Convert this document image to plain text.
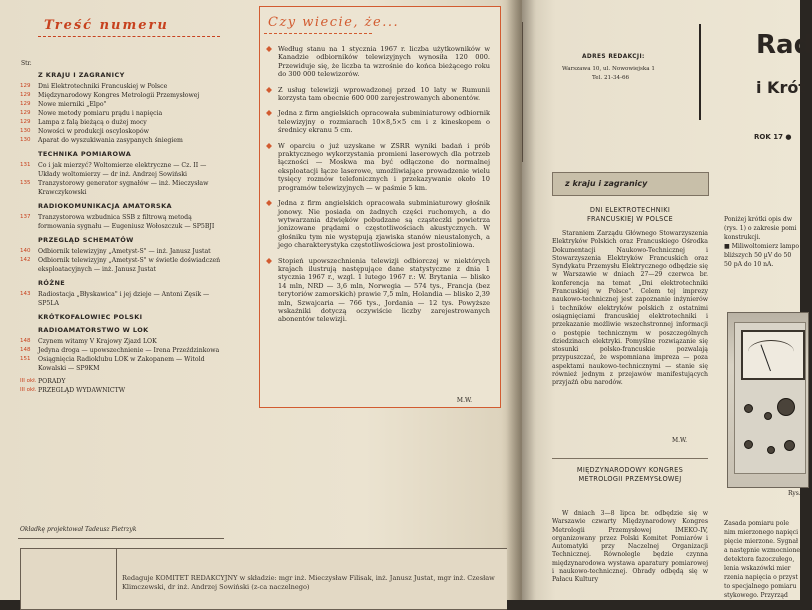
Treść numeru
Str.
Z KRAJU I ZAGRANICY
129	Dni Elektrotechniki Francuskiej w Polsce
129	Międzynarodowy Kongres Metrologii Przemysłowej
129	Nowe mierniki „Elpo"
129	Nowe metody pomiaru prądu i napięcia
129	Lampa z falą bieżącą o dużej mocy
130	Nowości w produkcji oscyloskopów
130	Aparat do wyszukiwania zasypanych śniegiem
TECHNIKA POMIAROWA
131	Co i jak mierzyć? Woltomierze elektryczne — Cz. II — Układy woltomierzy — dr inż. Andrzej Sowiński
135	Tranzystorowy generator sygnałów — inż. Mieczysław Krawczykowski
RADIOKOMUNIKACJA AMATORSKA
137	Tranzystorowa wzbudnica SSB z filtrową metodą formowania sygnału — Eugeniusz Wołoszczuk — SP5BJI
PRZEGLĄD SCHEMATÓW
140	Odbiornik telewizyjny „Ametyst-S" — inż. Janusz Justat
142	Odbiornik telewizyjny „Ametyst-S" w świetle doświadczeń eksploatacyjnych — inż. Janusz Justat
RÓŻNE
143	Radiostacja „Błyskawica" i jej dzieje — Antoni Zęsik — SP5LA
KRÓTKOFALOWIEC POLSKI
RADIOAMATORSTWO W LOK
148	Czynem witamy V Krajowy Zjazd LOK
148	Jedyna droga — upowszechnienie — Irena Przeździnkowa
151	Osiągnięcia Radioklubu LOK w Zakopanem — Witold Kowalski — SP9KM
III okł. PORADY
III okł. PRZEGLĄD WYDAWNICTW
Okładkę projektował Tadeusz Pietrzyk
Czy wiecie, że...
Według stanu na 1 stycznia 1967 r. liczba użytkowników w Kanadzie odbiorników telewizyjnych wynosiła 120 000. Przewiduje się, że liczba ta wzrośnie do końca bieżącego roku do 300 000 telewizorów.
Z usług telewizji wprowadzonej przed 10 laty w Rumunii korzysta tam obecnie 600 000 zarejestrowanych abonentów.
Jedna z firm angielskich opracowała subminiaturowy odbiornik telewizyjny o rozmiarach 10×8,5×5 cm i z kineskopem o średnicy ekranu 5 cm.
W oparciu o już uzyskane w ZSRR wyniki badań i prób praktycznego wykorzystania promieni laserowych dla potrzeb łączności — Moskwa ma być odłączone do normalnej eksploatacji łącze laserowe, umożliwiające prowadzenie wielu tysięcy rozmów telefonicznych i przekazywanie około 10 programów telewizyjnych — w paśmie 5 km.
Jedna z firm angielskich opracowała subminiaturowy głośnik jonowy. Nie posiada on żadnych części ruchomych, a do wytwarzania dźwięków pobudzane są cząsteczki powietrza jonizowane prądami o częstotliwościach akustycznych. W głośniku tym nie występują zjawiska stanów nieustalonych, a jego charakterystyka częstotliwościowa jest prostoliniowa.
Stopień upowszechnienia telewizji odbiorczej w niektórych krajach ilustrują następujące dane statystyczne z dnia 1 stycznia 1967 r., wzgl. 1 lutego 1967 r.: W. Brytania — blisko 14 mln, NRD — 3,6 mln, Norwegia — 574 tys., Francja (bez terytoriów zamorskich) prawie 7,5 mln, Holandia — blisko 2,39 mln, Szwajcaria — 766 tys., Jordania — 12 tys. Powyższe wskaźniki dotyczą oczywiście liczby zarejestrowanych abonentów telewizji.
M.W.
Redaguje KOMITET REDAKCYJNY w składzie: mgr inż. Mieczysław Filisak, inż. Janusz Justat, mgr inż. Czesław Klimczewski, dr inż. Andrzej Sowiński (z-ca naczelnego)
ADRES REDAKCJI:
Warszawa 10, ul. Nowowiejska 1
Tel. 21-34-66
Rad
i Krót
ROK 17 ●
z kraju i zagranicy
DNI ELEKTROTECHNIKI
FRANCUSKIEJ W POLSCE
Staraniem Zarządu Głównego Stowarzyszenia Elektryków Polskich oraz Francuskiego Ośrodka Dokumentacji Naukowo-Technicznej i Stowarzyszenia Elektryków Francuskich oraz Syndykatu Przemysłu Elektrycznego odbędzie się w Warszawie w dniach 27—29 czerwca br. konferencja na temat „Dni elektrotechniki Francuskiej w Polsce". Celem tej imprezy naukowo-technicznej jest zapoznanie inżynierów i techników elektryków polskich z ostatnimi osiągnięciami francuskiej elektrotechniki i przekazanie możliwie wszechstronnej informacji o postępie technicznym w poszczególnych dziedzinach elektryki. Pomyślne rozwiązanie się stosunki polsko-francuskie pozwalają przypuszczać, że wspomniana impreza — poza aspektami naukowo-technicznymi — stanie się również jednym z przejawów manifestujących przyjaźń obu narodów.
M.W.
MIĘDZYNARODOWY KONGRES
METROLOGII PRZEMYSŁOWEJ
W dniach 3—8 lipca br. odbędzie się w Warszawie czwarty Międzynarodowy Kongres Metrologii Przemysłowej IMEKO-IV, organizowany przez Polski Komitet Pomiarów i Automatyki przy Naczelnej Organizacji Technicznej. Równolegle będzie czynna międzynarodowa wystawa aparatury pomiarowej i naukowo-technicznej. Obrady odbędą się w Pałacu Kultury
Poniżej krótki opis dw
(rys. 1) o zakresie pomi
konstrukcji.
■ Miliwoltomierz lampo
bliższych 50 µV do 50
50 pA do 10 nA.
Zasada pomiaru pole
nim mierzonego napięci
pięcie mierzone. Sygnał
a następnie wzmocnione
detektora fazoczułego,
lenia wskazówki mier
rzenia napięcia o przyst
to specjalnego pomiaru
stykowego. Przyrząd
Rys.
